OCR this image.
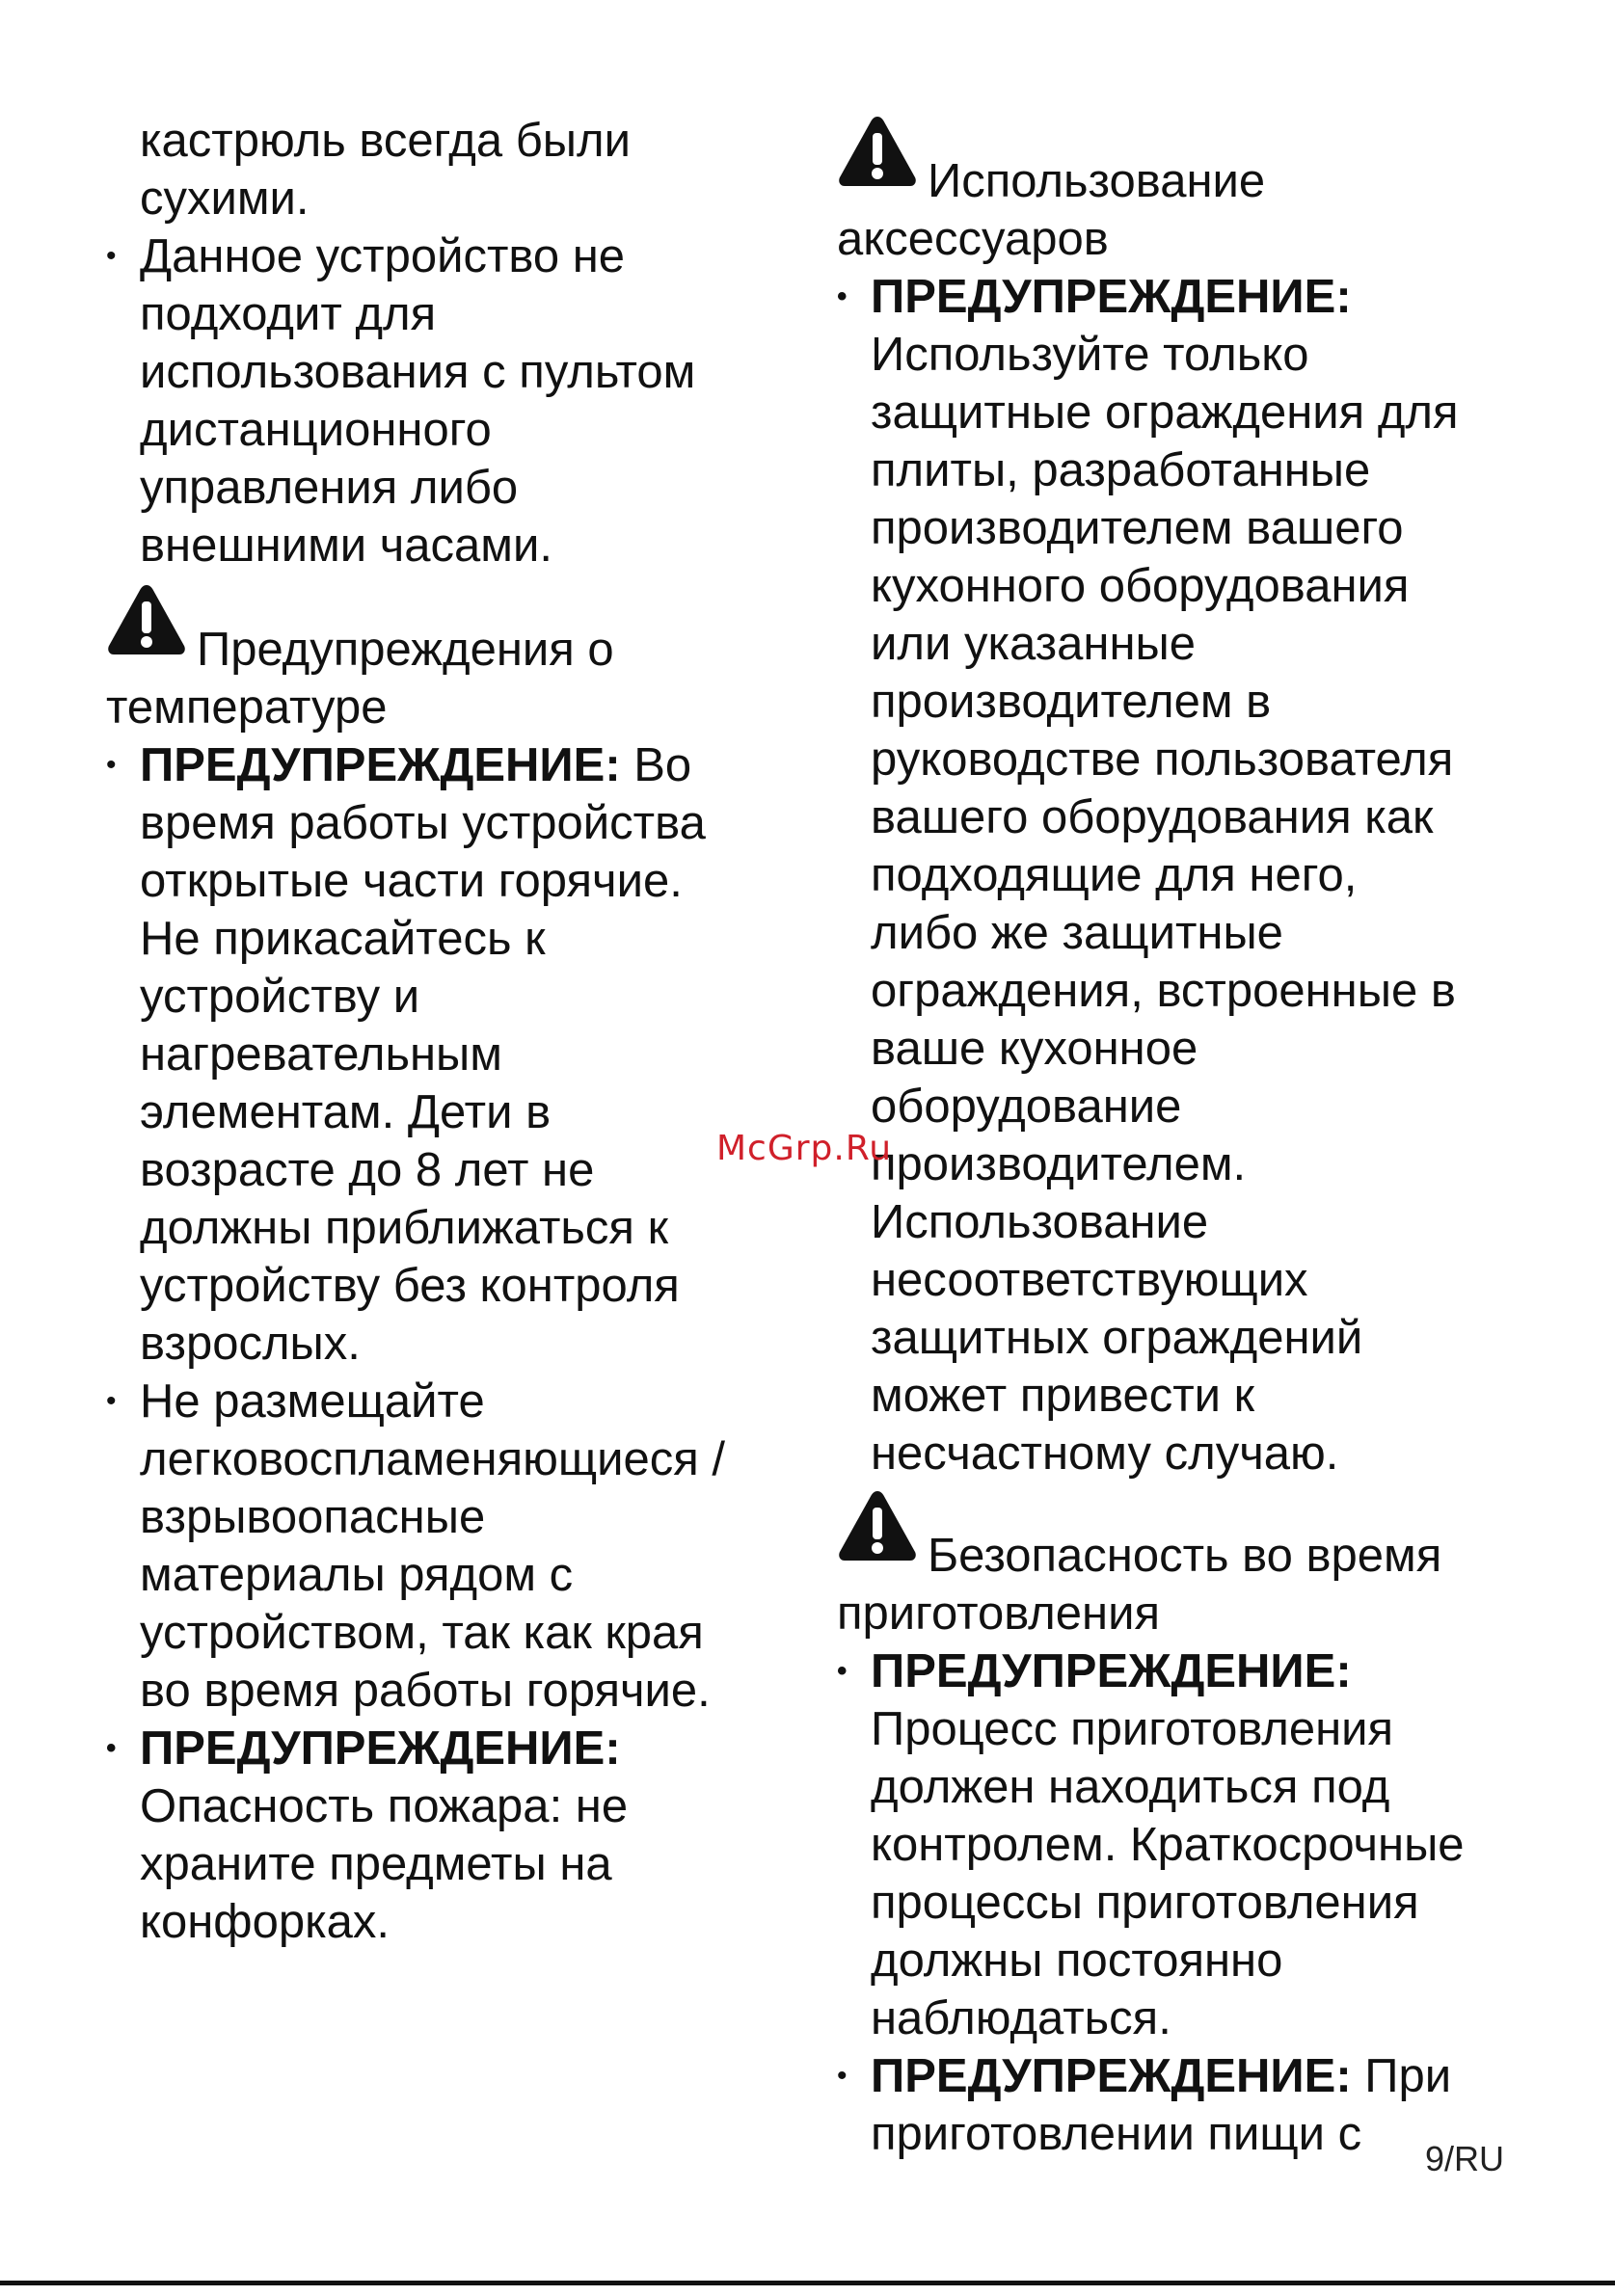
кастрюль всегда были
сухими.
• Данное устройство не
подходит для
использования с пультом
дистанционного
управления либо
внешними часами.
Предупреждения о
температуре
• ПРЕДУПРЕЖДЕНИЕ: Во
время работы устройства
открытые части горячие.
Не прикасайтесь к
устройству и
нагревательным
элементам. Дети в
возрасте до 8 лет не
должны приближаться к
устройству без контроля
взрослых.
• Не размещайте
легковоспламеняющиеся /
взрывоопасные
материалы рядом с
устройством, так как края
во время работы горячие.
• ПРЕДУПРЕЖДЕНИЕ:
Опасность пожара: не
храните предметы на
конфорках.
Использование
аксессуаров
• ПРЕДУПРЕЖДЕНИЕ:
Используйте только
защитные ограждения для
плиты, разработанные
производителем вашего
кухонного оборудования
или указанные
производителем в
руководстве пользователя
вашего оборудования как
подходящие для него,
либо же защитные
ограждения, встроенные в
ваше кухонное
оборудование
производителем.
Использование
несоответствующих
защитных ограждений
может привести к
несчастному случаю.
Безопасность во время
приготовления
• ПРЕДУПРЕЖДЕНИЕ:
Процесс приготовления
должен находиться под
контролем. Краткосрочные
процессы приготовления
должны постоянно
наблюдаться.
• ПРЕДУПРЕЖДЕНИЕ: При
приготовлении пищи с
McGrp.Ru
9/RU
